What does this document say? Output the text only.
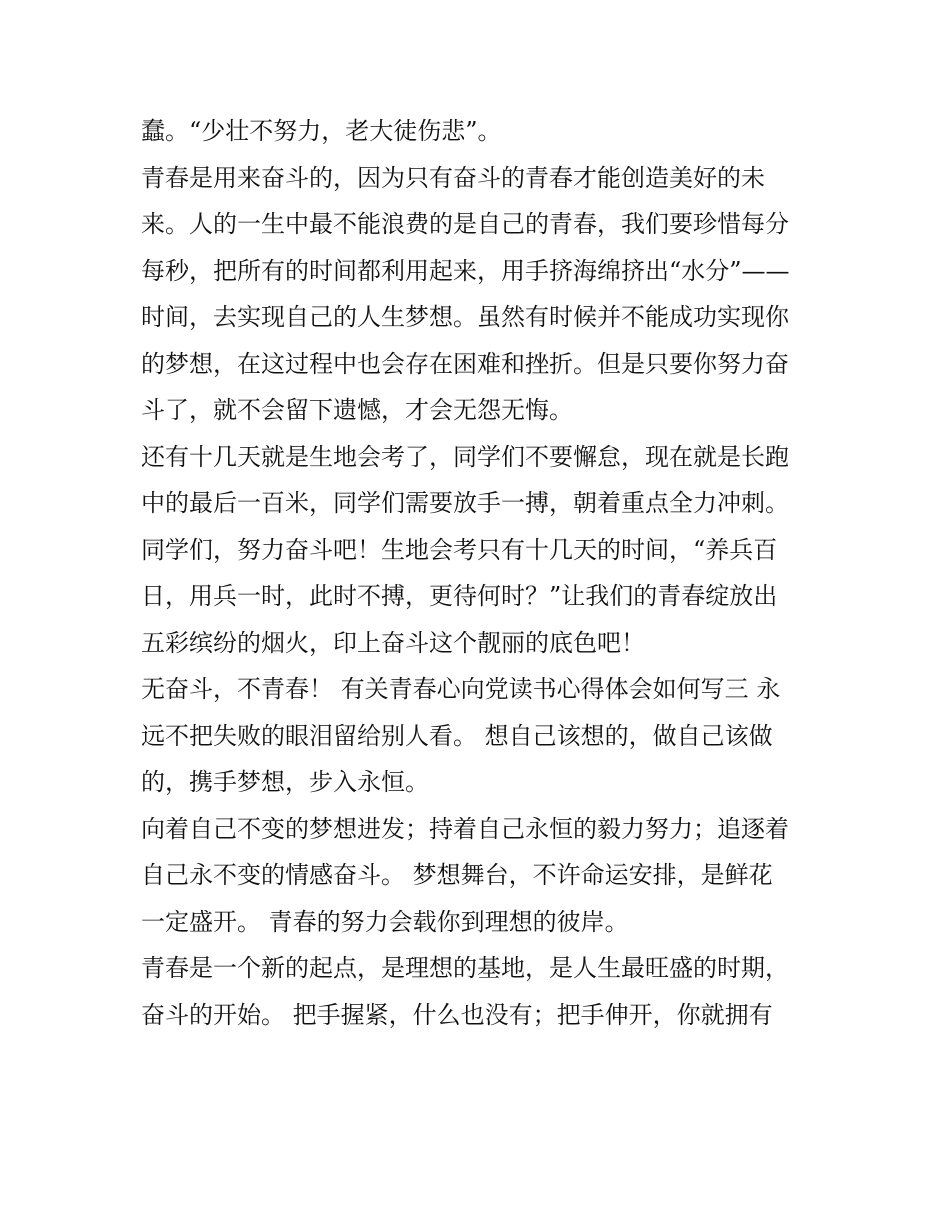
蠢。“少壮不努力，老大徒伤悲”。
青春是用来奋斗的，因为只有奋斗的青春才能创造美好的未
来。人的一生中最不能浪费的是自己的青春，我们要珍惜每分
每秒，把所有的时间都利用起来，用手挤海绵挤出“水分”——
时间，去实现自己的人生梦想。虽然有时候并不能成功实现你
的梦想，在这过程中也会存在困难和挫折。但是只要你努力奋
斗了，就不会留下遗憾，才会无怨无悔。
还有十几天就是生地会考了，同学们不要懈怠，现在就是长跑
中的最后一百米，同学们需要放手一搏，朝着重点全力冲刺。
同学们，努力奋斗吧！生地会考只有十几天的时间，“养兵百
日，用兵一时，此时不搏，更待何时？”让我们的青春绽放出
五彩缤纷的烟火，印上奋斗这个靓丽的底色吧！
无奋斗，不青春！ 有关青春心向党读书心得体会如何写三 永
远不把失败的眼泪留给别人看。 想自己该想的，做自己该做
的，携手梦想，步入永恒。
向着自己不变的梦想进发；持着自己永恒的毅力努力；追逐着
自己永不变的情感奋斗。 梦想舞台，不许命运安排，是鲜花
一定盛开。 青春的努力会载你到理想的彼岸。
青春是一个新的起点，是理想的基地，是人生最旺盛的时期，
奋斗的开始。 把手握紧，什么也没有；把手伸开，你就拥有
